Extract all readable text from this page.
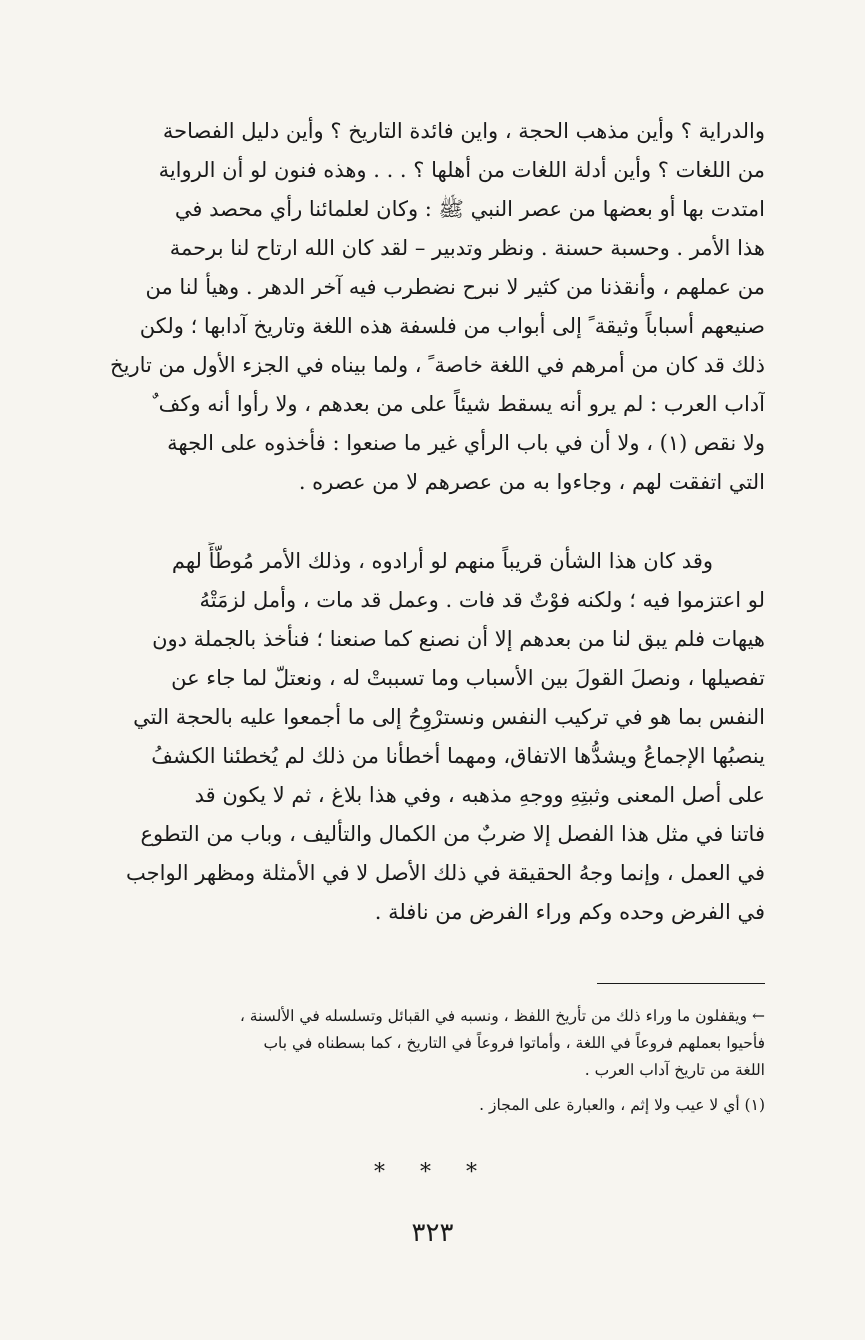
والدراية ؟ وأين مذهب الحجة ، واين فائدة التاريخ ؟ وأين دليل الفصاحة
من اللغات ؟ وأين أدلة اللغات من أهلها ؟ . . . وهذه فنون لو أن الرواية
امتدت بها أو بعضها من عصر النبي ﷺ : وكان لعلمائنا رأي محصد في
هذا الأمر . وحسبة حسنة . ونظر وتدبير – لقد كان الله ارتاح لنا برحمة
من عملهم ، وأنقذنا من كثير لا نبرح نضطرب فيه آخر الدهر . وهيأ لنا من
صنيعهم أسباباً وثيقة ً إلى أبواب من فلسفة هذه اللغة وتاريخ آدابها ؛ ولكن
ذلك قد كان من أمرهم في اللغة خاصة ً ، ولما بيناه في الجزء الأول من تاريخ
آداب العرب : لم يرو أنه يسقط شيئاً على من بعدهم ، ولا رأوا أنه وكف ٌ
ولا نقص (١) ، ولا أن في باب الرأي غير ما صنعوا : فأخذوه على الجهة
التي اتفقت لهم ، وجاءوا به من عصرهم لا من عصره .
وقد كان هذا الشأن قريباً منهم لو أرادوه ، وذلك الأمر مُوطّأً لهم
لو اعتزموا فيه ؛ ولكنه فوْتٌ قد فات . وعمل قد مات ، وأمل لزمَتْهُ
هيهات فلم يبق لنا من بعدهم إلا أن نصنع كما صنعنا ؛ فنأخذ بالجملة دون
تفصيلها ، ونصلَ القولَ بين الأسباب وما تسببتْ له ، ونعتلّ لما جاء عن
النفس بما هو في تركيب النفس ونسترْوِحُ إلى ما أجمعوا عليه بالحجة التي
ينصبُها الإجماعُ ويشدُّها الاتفاق، ومهما أخطأنا من ذلك لم يُخطئنا الكشفُ
على أصل المعنى وثبتِهِ ووجهِ مذهبه ، وفي هذا بلاغ ، ثم لا يكون قد
فاتنا في مثل هذا الفصل إلا ضربٌ من الكمال والتأليف ، وباب من التطوع
في العمل ، وإنما وجهُ الحقيقة في ذلك الأصل لا في الأمثلة ومظهر الواجب
في الفرض وحده وكم وراء الفرض من نافلة .
← ويقفلون ما وراء ذلك من تأريخ اللفظ ، ونسبه في القبائل وتسلسله في الألسنة ،
فأحيوا بعملهم فروعاً في اللغة ، وأماتوا فروعاً في التاريخ ، كما بسطناه في باب
اللغة من تاريخ آداب العرب .
(١) أي لا عيب ولا إثم ، والعبارة على المجاز .
* * *
٣٢٣
